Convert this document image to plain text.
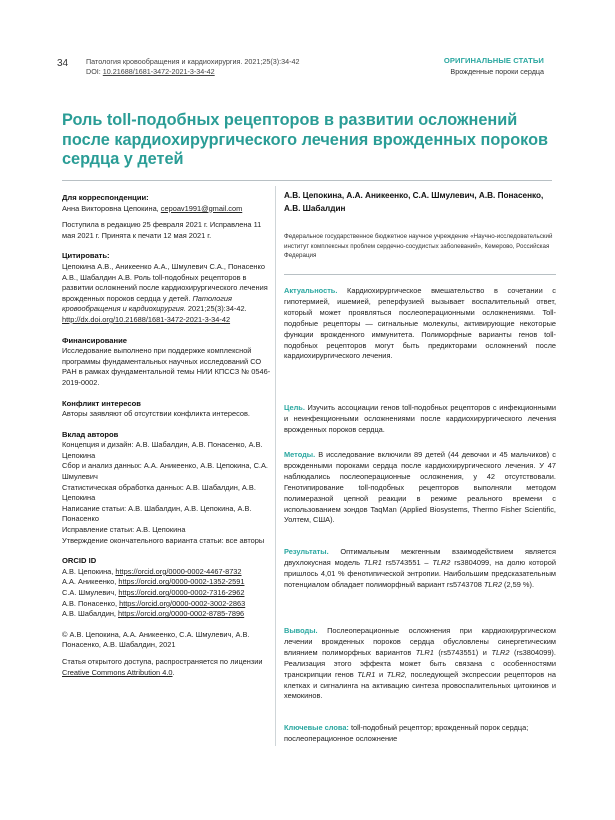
34 Патология кровообращения и кардиохирургия. 2021;25(3):34-42
DOI: 10.21688/1681-3472-2021-3-34-42
ОРИГИНАЛЬНЫЕ СТАТЬИ
Врожденные пороки сердца
Роль toll-подобных рецепторов в развитии осложнений после кардиохирургического лечения врожденных пороков сердца у детей

Для корреспонденции:

Анна Викторовна Цепокина, cepoav1991@gmail.com

Поступила в редакцию 25 февраля 2021 г. Исправлена 11 мая 2021 г. Принята к печати 12 мая 2021 г.

Цитировать:

Цепокина А.В., Аникеенко А.А., Шмулевич С.А., Понасенко А.В., Шабалдин А.В. Роль toll-подобных рецепторов в развитии осложнений после кардиохирургического лечения врожденных пороков сердца у детей. Патология кровообращения и кардиохирургия. 2021;25(3):34-42.
http://dx.doi.org/10.21688/1681-3472-2021-3-34-42

Финансирование

Исследование выполнено при поддержке комплексной программы фундаментальных научных исследований СО РАН в рамках фундаментальной темы НИИ КПССЗ № 0546-2019-0002.

Конфликт интересов

Авторы заявляют об отсутствии конфликта интересов.

Вклад авторов

Концепция и дизайн: А.В. Шабалдин, А.В. Понасенко, А.В. Цепокина

Сбор и анализ данных: А.А. Аникеенко, А.В. Цепокина, С.А. Шмулевич

Статистическая обработка данных: А.В. Шабалдин, А.В. Цепокина

Написание статьи: А.В. Шабалдин, А.В. Цепокина, А.В. Понасенко

Исправление статьи: А.В. Цепокина

Утверждение окончательного варианта статьи: все авторы

ORCID ID

А.В. Цепокина, https://orcid.org/0000-0002-4467-8732

А.А. Аникеенко, https://orcid.org/0000-0002-1352-2591

С.А. Шмулевич, https://orcid.org/0000-0002-7316-2962

А.В. Понасенко, https://orcid.org/0000-0002-3002-2863

А.В. Шабалдин, https://orcid.org/0000-0002-8785-7896

© А.В. Цепокина, А.А. Аникеенко, С.А. Шмулевич, А.В. Понасенко, А.В. Шабалдин, 2021

Статья открытого доступа, распространяется по лицензии Creative Commons Attribution 4.0.

А.В. Цепокина, А.А. Аникеенко, С.А. Шмулевич, А.В. Понасенко, А.В. Шабалдин
Федеральное государственное бюджетное научное учреждение «Научно-исследовательский институт комплексных проблем сердечно-сосудистых заболеваний», Кемерово, Российская Федерация
Актуальность. Кардиохирургическое вмешательство в сочетании с гипотермией, ишемией, реперфузией вызывает воспалительный ответ, который может проявляться послеоперационными осложнениями. Toll-подобные рецепторы — сигнальные молекулы, активирующие некоторые функции врожденного иммунитета. Полиморфные варианты генов toll-подобных рецепторов могут быть предикторами осложнений после кардиохирургического лечения.
Цель. Изучить ассоциации генов toll-подобных рецепторов с инфекционными и неинфекционными осложнениями после кардиохирургического лечения врожденных пороков сердца.
Методы. В исследование включили 89 детей (44 девочки и 45 мальчиков) с врожденными пороками сердца после кардиохирургического лечения. У 47 наблюдались послеоперационные осложнения, у 42 отсутствовали. Генотипирование toll-подобных рецепторов выполняли методом полимеразной цепной реакции в режиме реального времени с использованием зондов TaqMan (Applied Biosystems, Thermo Fisher Scientific, Уолтем, США).
Результаты. Оптимальным межгенным взаимодействием является двухлокусная модель TLR1 rs5743551 – TLR2 rs3804099, на долю которой пришлось 4,01 % фенотипической энтропии. Наибольшим предсказательным потенциалом обладает полиморфный вариант rs5743708 TLR2 (2,59 %).
Выводы. Послеоперационные осложнения при кардиохирургическом лечении врожденных пороков сердца обусловлены синергетическим влиянием полиморфных вариантов TLR1 (rs5743551) и TLR2 (rs3804099). Реализация этого эффекта может быть связана с особенностями транскрипции генов TLR1 и TLR2, последующей экспрессии рецепторов на клетках и сигналинга на активацию синтеза провоспалительных цитокинов и хемокинов.
Ключевые слова: toll-подобный рецептор; врожденный порок сердца; послеоперационное осложнение
